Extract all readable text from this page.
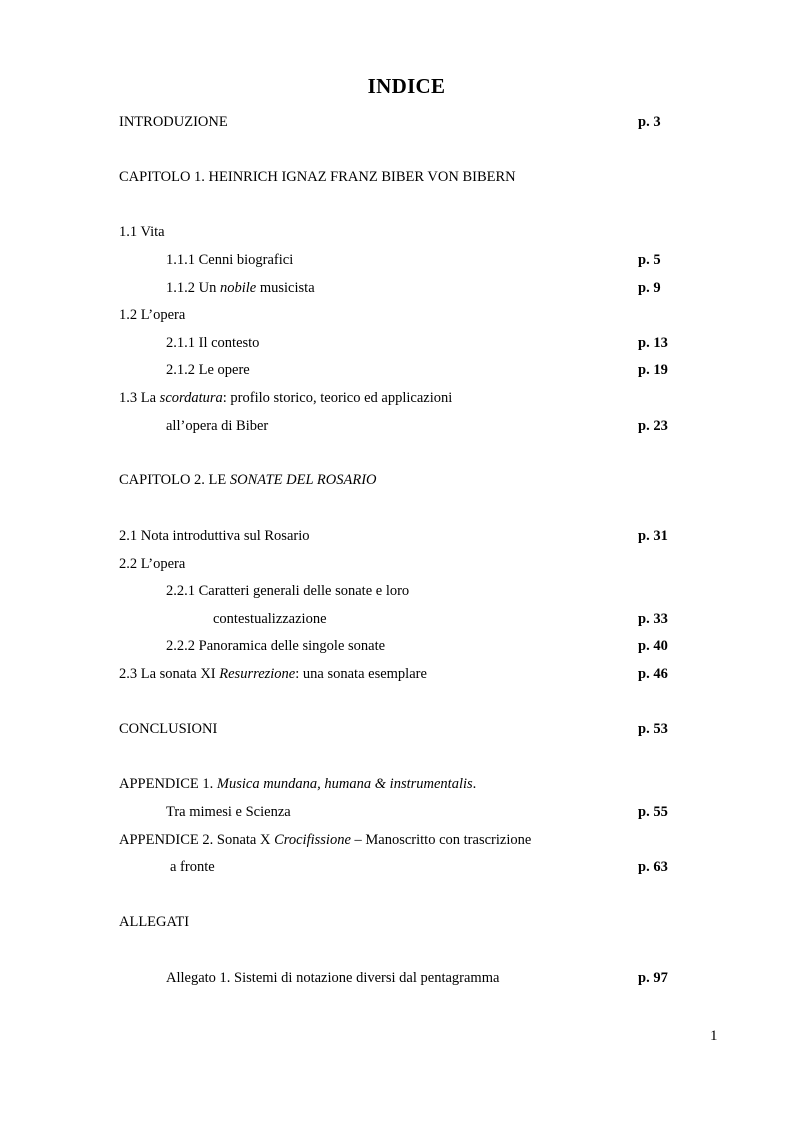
INDICE
INTRODUZIONE	p. 3
CAPITOLO 1. HEINRICH IGNAZ FRANZ BIBER VON BIBERN
1.1 Vita
1.1.1 Cenni biografici	p. 5
1.1.2 Un nobile musicista	p. 9
1.2 L’opera
2.1.1 Il contesto	p. 13
2.1.2 Le opere	p. 19
1.3 La scordatura: profilo storico, teorico ed applicazioni
all’opera di Biber	p. 23
CAPITOLO 2. LE SONATE DEL ROSARIO
2.1 Nota introduttiva sul Rosario	p. 31
2.2 L’opera
2.2.1 Caratteri generali delle sonate e loro
contestualizzazione	p. 33
2.2.2 Panoramica delle singole sonate	p. 40
2.3 La sonata XI Resurrezione: una sonata esemplare	p. 46
CONCLUSIONI	p. 53
APPENDICE 1. Musica mundana, humana & instrumentalis.
Tra mimesi e Scienza	p. 55
APPENDICE 2. Sonata X Crocifissione – Manoscritto con trascrizione
a fronte	p. 63
ALLEGATI
Allegato 1. Sistemi di notazione diversi dal pentagramma	p. 97
1
